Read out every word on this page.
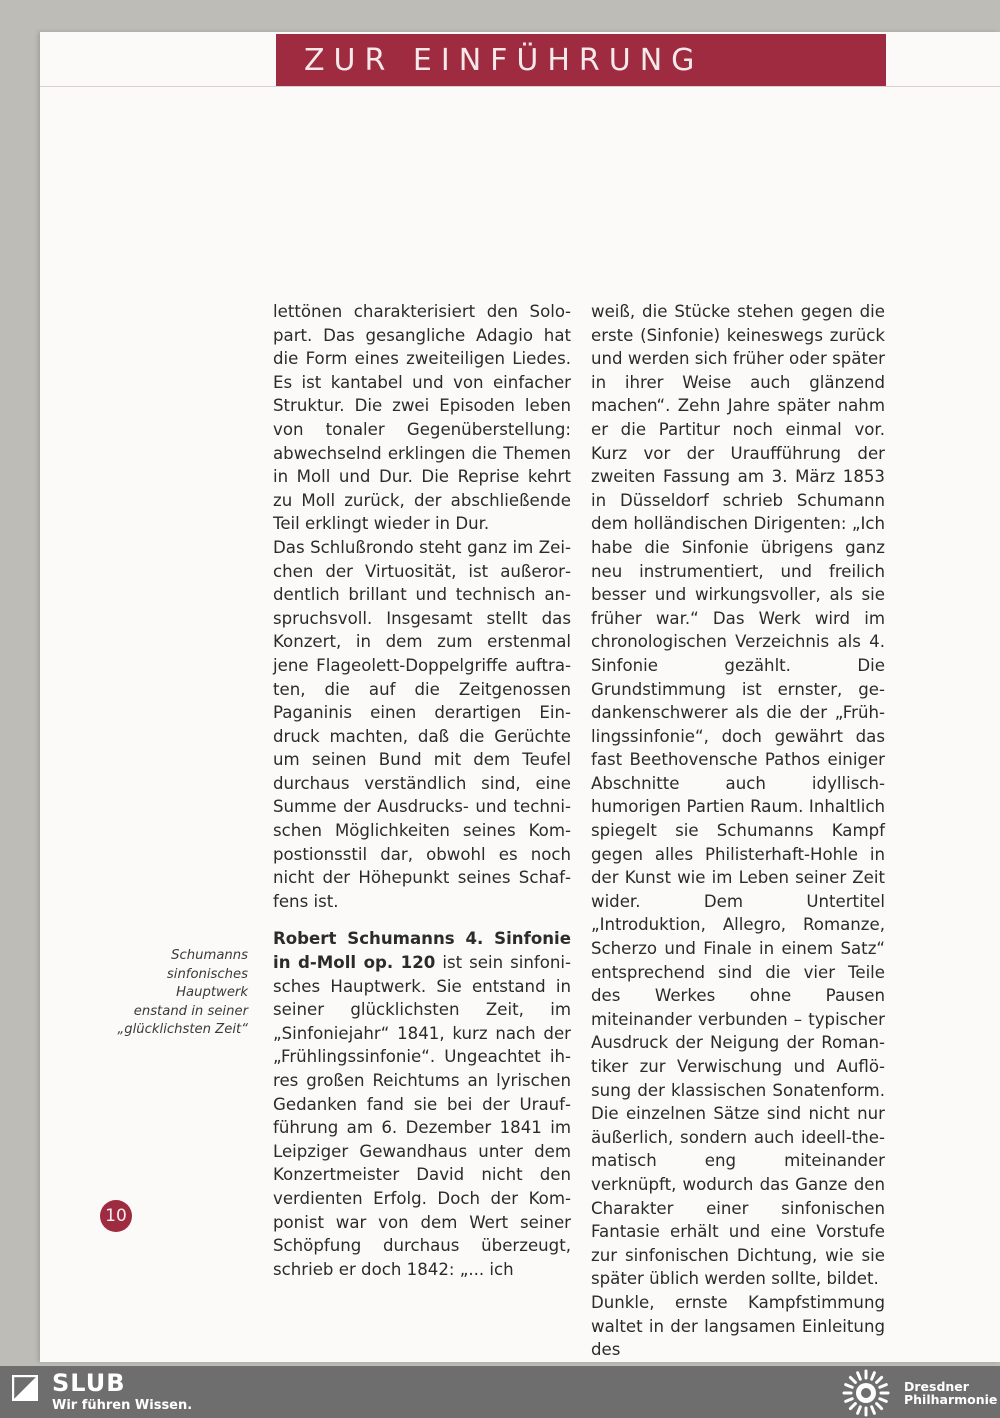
ZUR EINFÜHRUNG
Schumanns
sinfonisches Hauptwerk
enstand in seiner
„glücklichsten Zeit“

lettönen charakterisiert den Solopart. Das gesangliche Adagio hat die Form eines zweiteiligen Liedes. Es ist kantabel und von einfacher Struktur. Die zwei Episoden leben von tonaler Gegenüberstellung: abwechselnd erklingen die Themen in Moll und Dur. Die Reprise kehrt zu Moll zurück, der abschließende Teil erklingt wieder in Dur.

Das Schlußrondo steht ganz im Zeichen der Virtuosität, ist außerordentlich brillant und technisch anspruchsvoll. Insgesamt stellt das Konzert, in dem zum erstenmal jene Flageolett-Doppelgriffe auftraten, die auf die Zeitgenossen Paganinis einen derartigen Eindruck machten, daß die Gerüchte um seinen Bund mit dem Teufel durchaus verständlich sind, eine Summe der Ausdrucks- und technischen Möglichkeiten seines Kompostionsstil dar, obwohl es noch nicht der Höhepunkt seines Schaffens ist.

Robert Schumanns 4. Sinfonie in d-Moll op. 120 ist sein sinfonisches Hauptwerk. Sie entstand in seiner glücklichsten Zeit, im „Sinfoniejahr“ 1841, kurz nach der „Frühlingssinfonie“. Ungeachtet ihres großen Reichtums an lyrischen Gedanken fand sie bei der Uraufführung am 6. Dezember 1841 im Leipziger Gewandhaus unter dem Konzertmeister David nicht den verdienten Erfolg. Doch der Komponist war von dem Wert seiner Schöpfung durchaus überzeugt, schrieb er doch 1842: „... ich

weiß, die Stücke stehen gegen die erste (Sinfonie) keineswegs zurück und werden sich früher oder später in ihrer Weise auch glänzend machen“. Zehn Jahre später nahm er die Partitur noch einmal vor. Kurz vor der Uraufführung der zweiten Fassung am 3. März 1853 in Düsseldorf schrieb Schumann dem holländischen Dirigenten: „Ich habe die Sinfonie übrigens ganz neu instrumentiert, und freilich besser und wirkungsvoller, als sie früher war.“ Das Werk wird im chronologischen Verzeichnis als 4. Sinfonie gezählt. Die Grundstimmung ist ernster, gedankenschwerer als die der „Frühlingssinfonie“, doch gewährt das fast Beethovensche Pathos einiger Abschnitte auch idyllisch-humorigen Partien Raum. Inhaltlich spiegelt sie Schumanns Kampf gegen alles Philisterhaft-Hohle in der Kunst wie im Leben seiner Zeit wider. Dem Untertitel „Introduktion, Allegro, Romanze, Scherzo und Finale in einem Satz“ entsprechend sind die vier Teile des Werkes ohne Pausen miteinander verbunden – typischer Ausdruck der Neigung der Romantiker zur Verwischung und Auflösung der klassischen Sonatenform. Die einzelnen Sätze sind nicht nur äußerlich, sondern auch ideell-thematisch eng miteinander verknüpft, wodurch das Ganze den Charakter einer sinfonischen Fantasie erhält und eine Vorstufe zur sinfonischen Dichtung, wie sie später üblich werden sollte, bildet.

Dunkle, ernste Kampfstimmung waltet in der langsamen Einleitung des

10
SLUB
Wir führen Wissen.
Dresdner
Philharmonie
